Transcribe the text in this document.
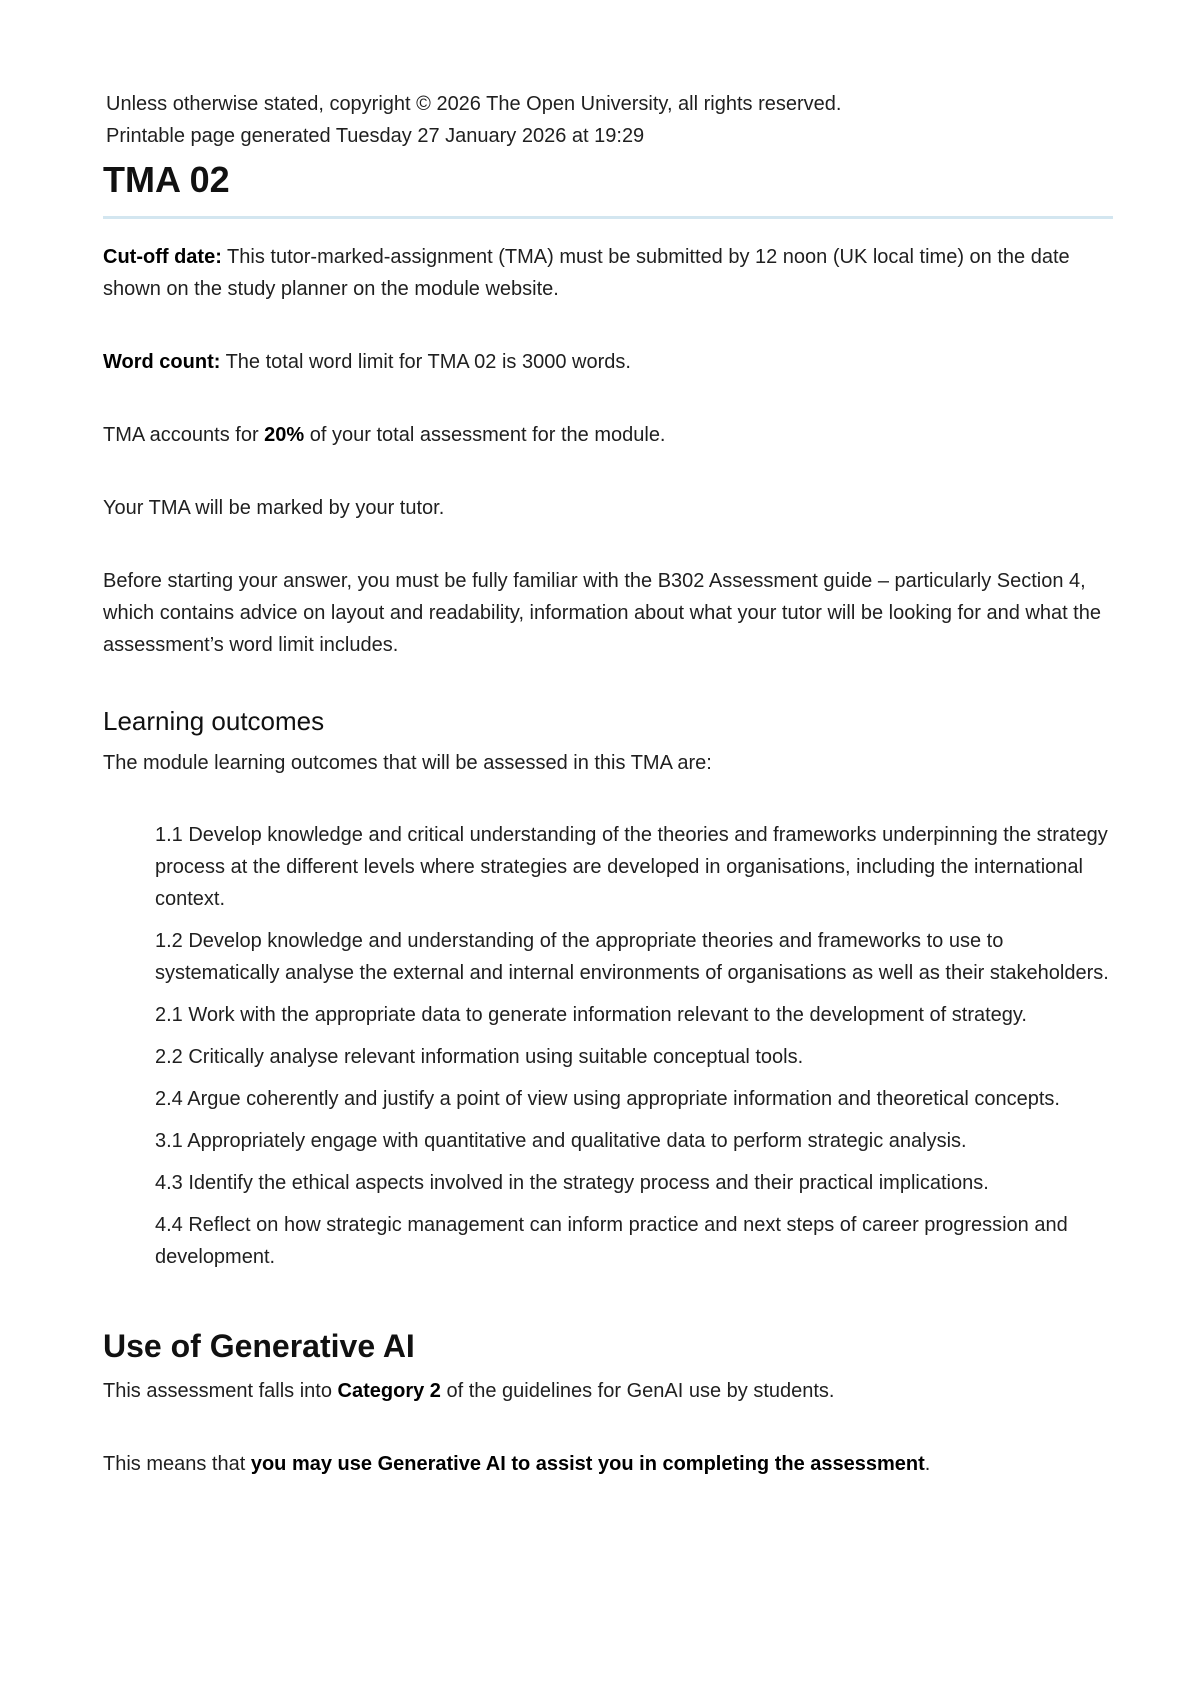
Unless otherwise stated, copyright © 2026 The Open University, all rights reserved.

Printable page generated Tuesday 27 January 2026 at 19:29

TMA 02

Cut-off date: This tutor-marked-assignment (TMA) must be submitted by 12 noon (UK local time) on the date shown on the study planner on the module website.

Word count: The total word limit for TMA 02 is 3000 words.

TMA accounts for 20% of your total assessment for the module.

Your TMA will be marked by your tutor.

Before starting your answer, you must be fully familiar with the B302 Assessment guide – particularly Section 4, which contains advice on layout and readability, information about what your tutor will be looking for and what the assessment’s word limit includes.

Learning outcomes

The module learning outcomes that will be assessed in this TMA are:

1.1 Develop knowledge and critical understanding of the theories and frameworks underpinning the strategy process at the different levels where strategies are developed in organisations, including the international context.
1.2 Develop knowledge and understanding of the appropriate theories and frameworks to use to systematically analyse the external and internal environments of organisations as well as their stakeholders.
2.1 Work with the appropriate data to generate information relevant to the development of strategy.
2.2 Critically analyse relevant information using suitable conceptual tools.
2.4 Argue coherently and justify a point of view using appropriate information and theoretical concepts.
3.1 Appropriately engage with quantitative and qualitative data to perform strategic analysis.
4.3 Identify the ethical aspects involved in the strategy process and their practical implications.
4.4 Reflect on how strategic management can inform practice and next steps of career progression and development.
Use of Generative AI

This assessment falls into Category 2 of the guidelines for GenAI use by students.

This means that you may use Generative AI to assist you in completing the assessment.
